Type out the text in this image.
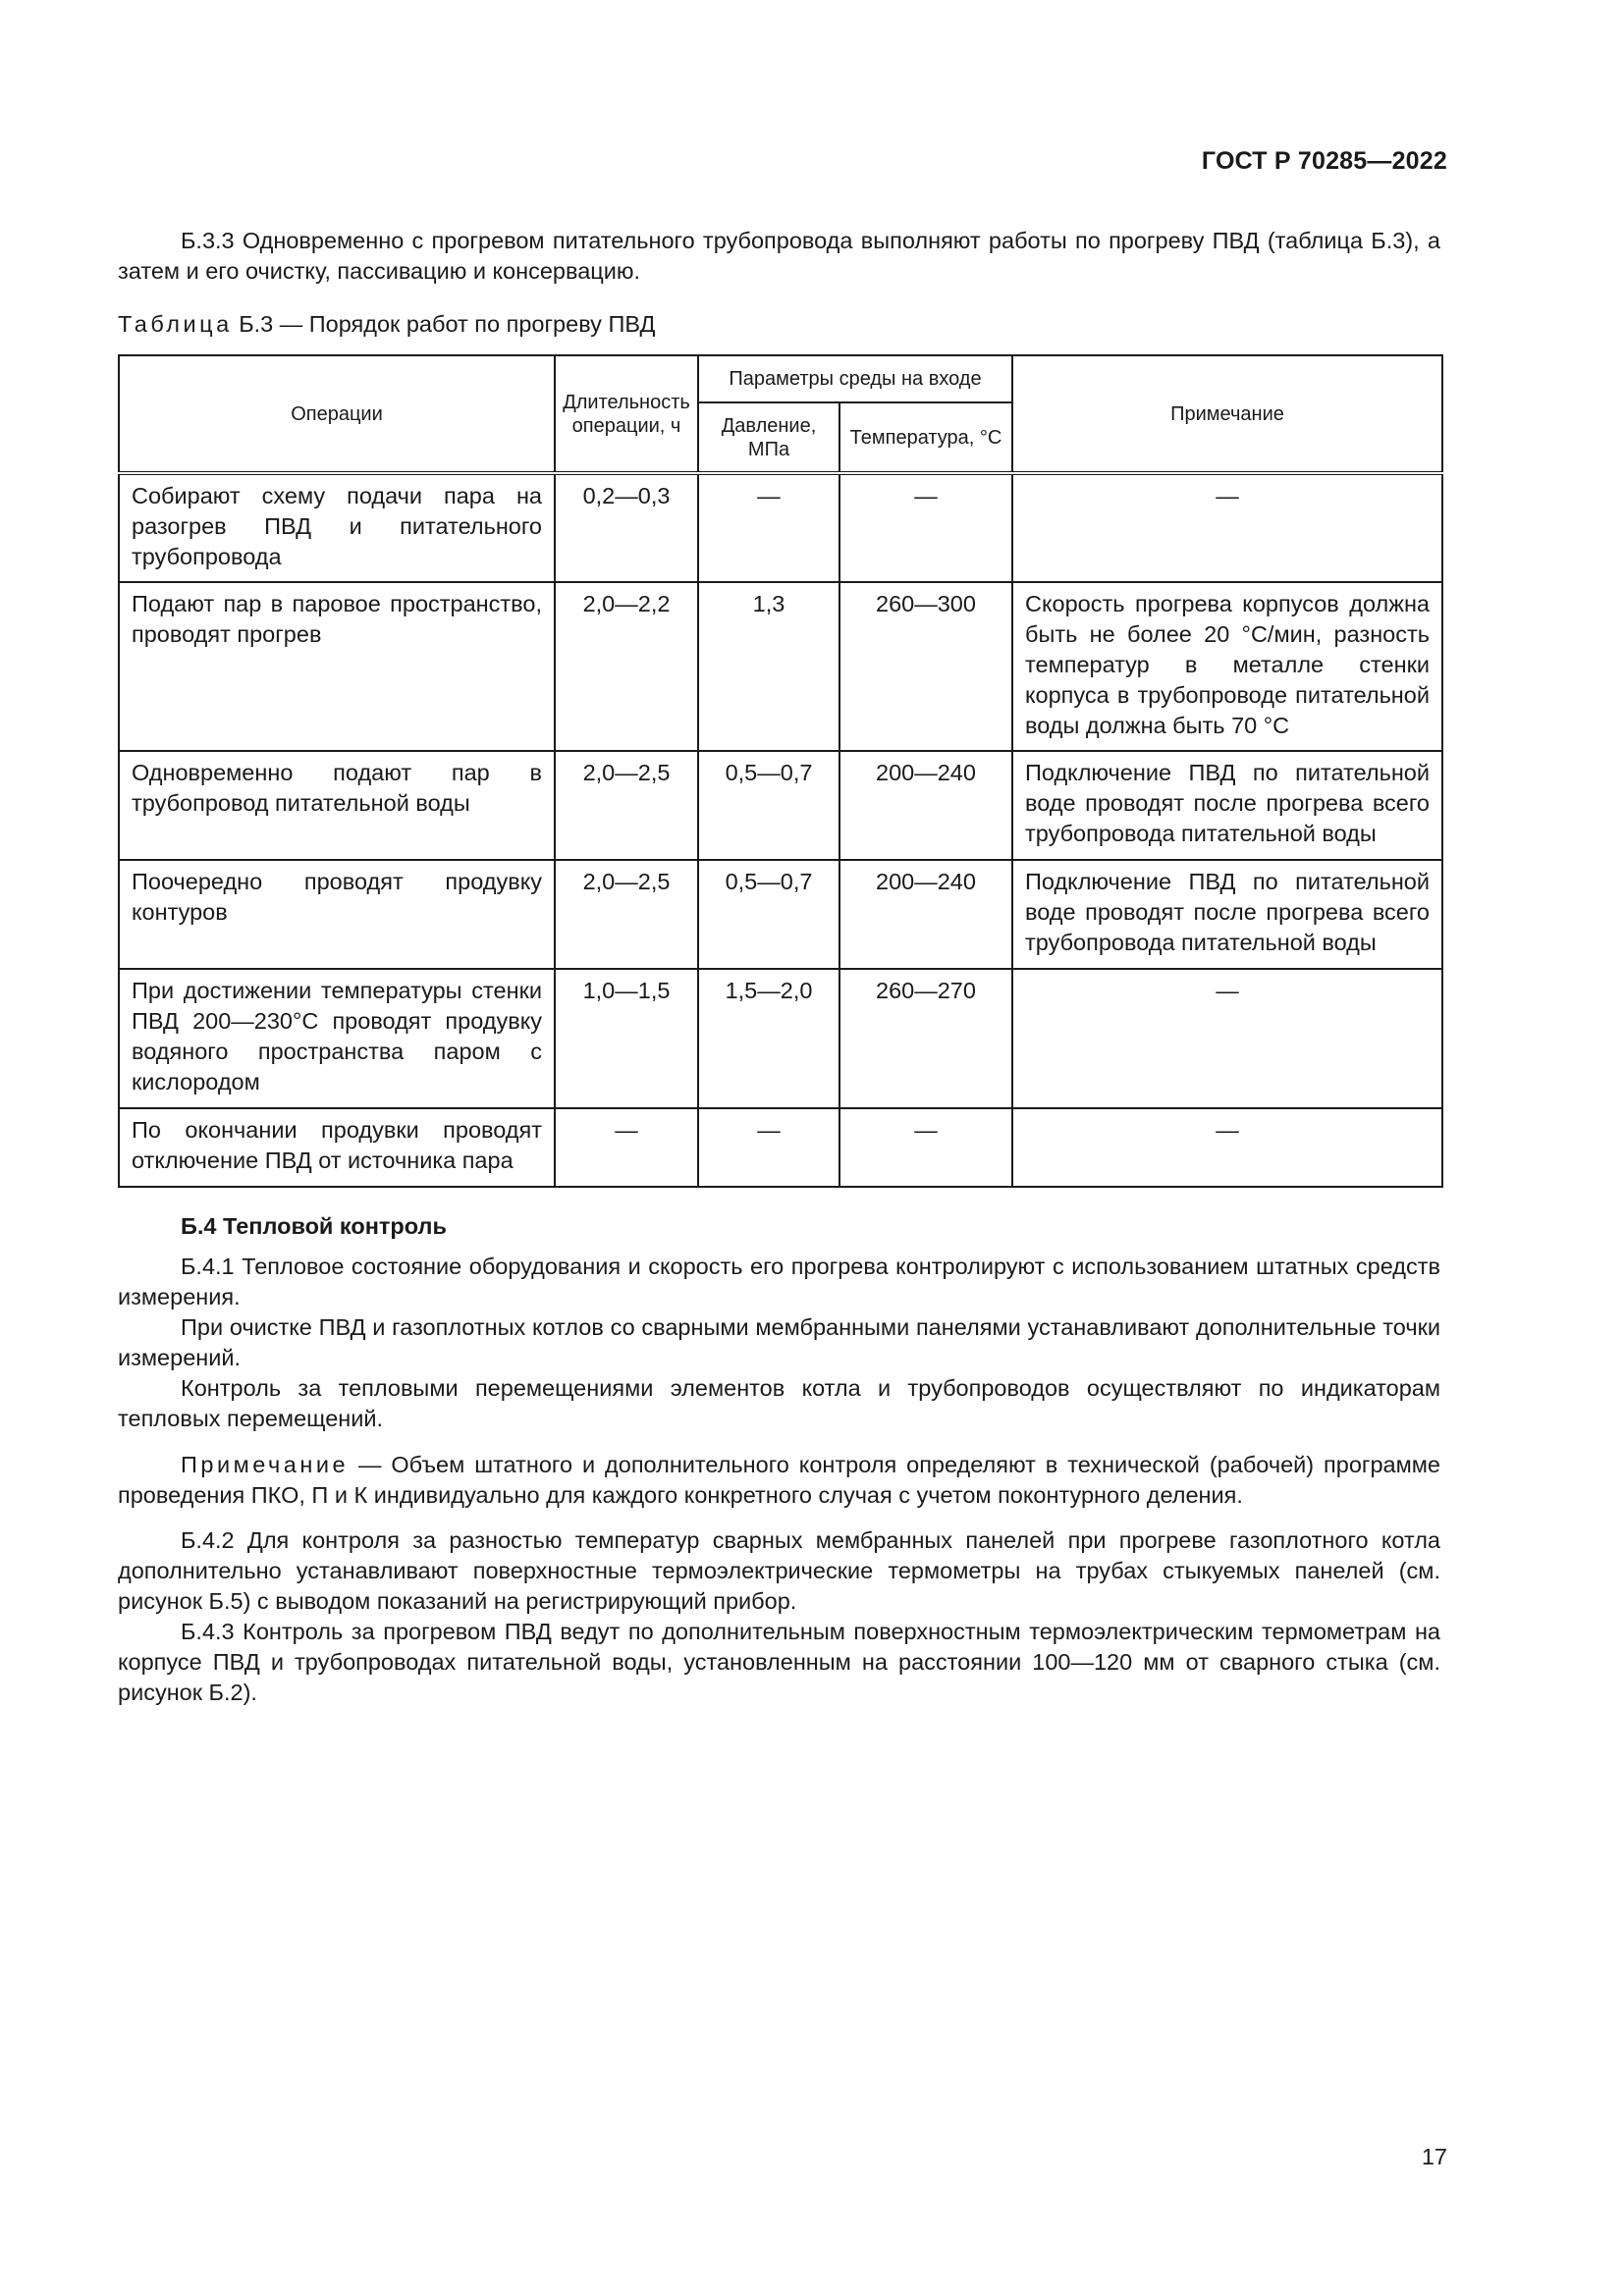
ГОСТ Р 70285—2022

Б.3.3 Одновременно с прогревом питательного трубопровода выполняют работы по прогреву ПВД (таблица Б.3), а затем и его очистку, пассивацию и консервацию.

Таблица Б.3 — Порядок работ по прогреву ПВД

Операции	Длительность операции, ч	Параметры среды на входе		Примечание
		Давление, МПа	Температура, °С	
Собирают схему подачи пара на разогрев ПВД и питательного трубопровода	0,2—0,3	—	—	—
Подают пар в паровое пространство, проводят прогрев	2,0—2,2	1,3	260—300	Скорость прогрева корпусов должна быть не более 20 °С/мин, разность температур в металле стенки корпуса в трубопроводе питательной воды должна быть 70 °С
Одновременно подают пар в трубопровод питательной воды	2,0—2,5	0,5—0,7	200—240	Подключение ПВД по питательной воде проводят после прогрева всего трубопровода питательной воды
Поочередно проводят продувку контуров	2,0—2,5	0,5—0,7	200—240	Подключение ПВД по питательной воде проводят после прогрева всего трубопровода питательной воды
При достижении температуры стенки ПВД 200—230°С проводят продувку водяного пространства паром с кислородом	1,0—1,5	1,5—2,0	260—270	—
По окончании продувки проводят отключение ПВД от источника пара	—	—	—	—

Б.4 Тепловой контроль

Б.4.1 Тепловое состояние оборудования и скорость его прогрева контролируют с использованием штатных средств измерения.

При очистке ПВД и газоплотных котлов со сварными мембранными панелями устанавливают дополнительные точки измерений.

Контроль за тепловыми перемещениями элементов котла и трубопроводов осуществляют по индикаторам тепловых перемещений.

Примечание — Объем штатного и дополнительного контроля определяют в технической (рабочей) программе проведения ПКО, П и К индивидуально для каждого конкретного случая с учетом поконтурного деления.

Б.4.2 Для контроля за разностью температур сварных мембранных панелей при прогреве газоплотного котла дополнительно устанавливают поверхностные термоэлектрические термометры на трубах стыкуемых панелей (см. рисунок Б.5) с выводом показаний на регистрирующий прибор.

Б.4.3 Контроль за прогревом ПВД ведут по дополнительным поверхностным термоэлектрическим термометрам на корпусе ПВД и трубопроводах питательной воды, установленным на расстоянии 100—120 мм от сварного стыка (см. рисунок Б.2).

17
